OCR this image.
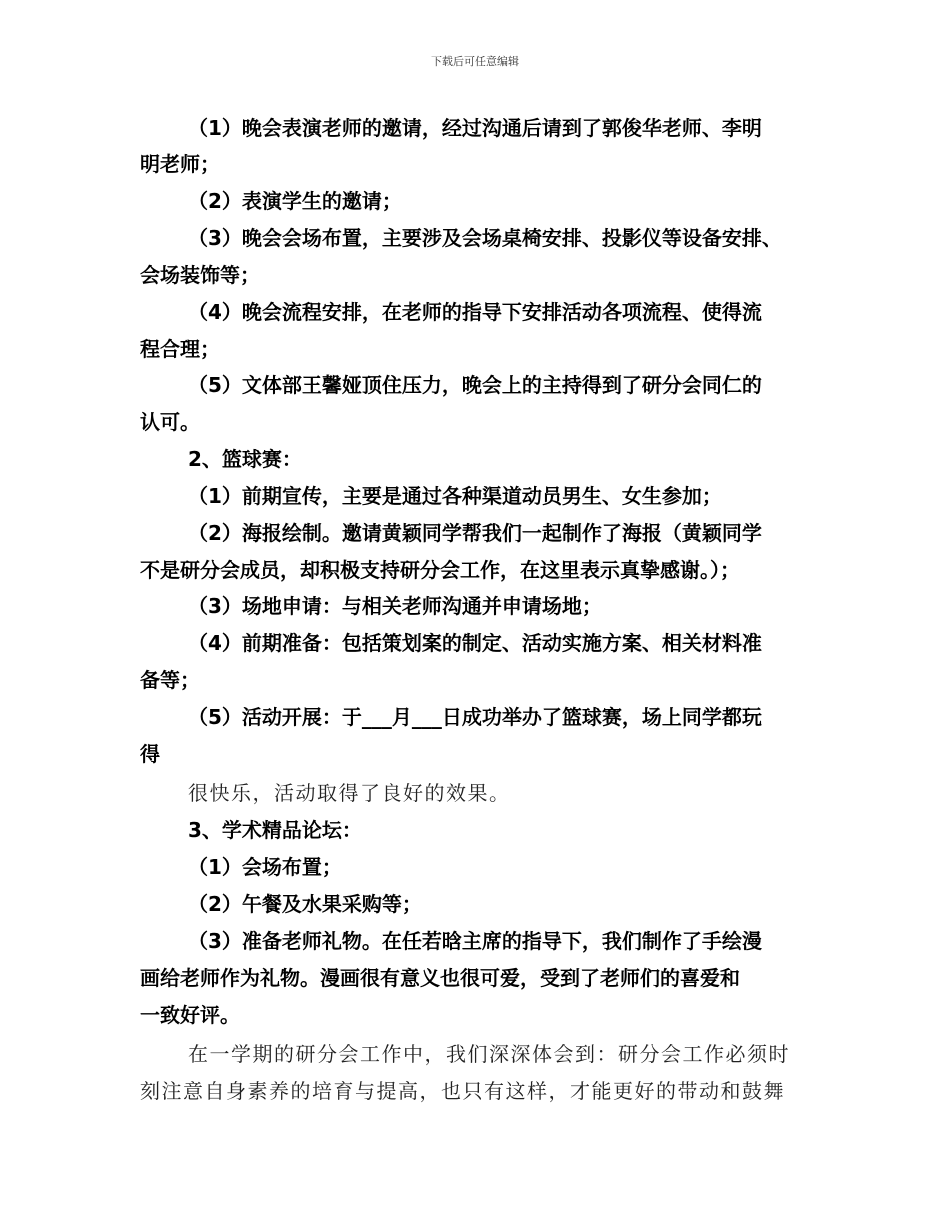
下载后可任意编辑
（1）晚会表演老师的邀请，经过沟通后请到了郭俊华老师、李明
明老师；
（2）表演学生的邀请；
（3）晚会会场布置，主要涉及会场桌椅安排、投影仪等设备安排、
会场装饰等；
（4）晚会流程安排，在老师的指导下安排活动各项流程、使得流
程合理；
（5）文体部王馨娅顶住压力，晚会上的主持得到了研分会同仁的
认可。
2、篮球赛：
（1）前期宣传，主要是通过各种渠道动员男生、女生参加；
（2）海报绘制。邀请黄颖同学帮我们一起制作了海报（黄颖同学
不是研分会成员，却积极支持研分会工作，在这里表示真挚感谢。）；
（3）场地申请：与相关老师沟通并申请场地；
（4）前期准备：包括策划案的制定、活动实施方案、相关材料准
备等；
（5）活动开展：于___月___日成功举办了篮球赛，场上同学都玩
得
很快乐，活动取得了良好的效果。
3、学术精品论坛：
（1）会场布置；
（2）午餐及水果采购等；
（3）准备老师礼物。在任若晗主席的指导下，我们制作了手绘漫
画给老师作为礼物。漫画很有意义也很可爱，受到了老师们的喜爱和
一致好评。
在一学期的研分会工作中，我们深深体会到：研分会工作必须时
刻注意自身素养的培育与提高，也只有这样，才能更好的带动和鼓舞
